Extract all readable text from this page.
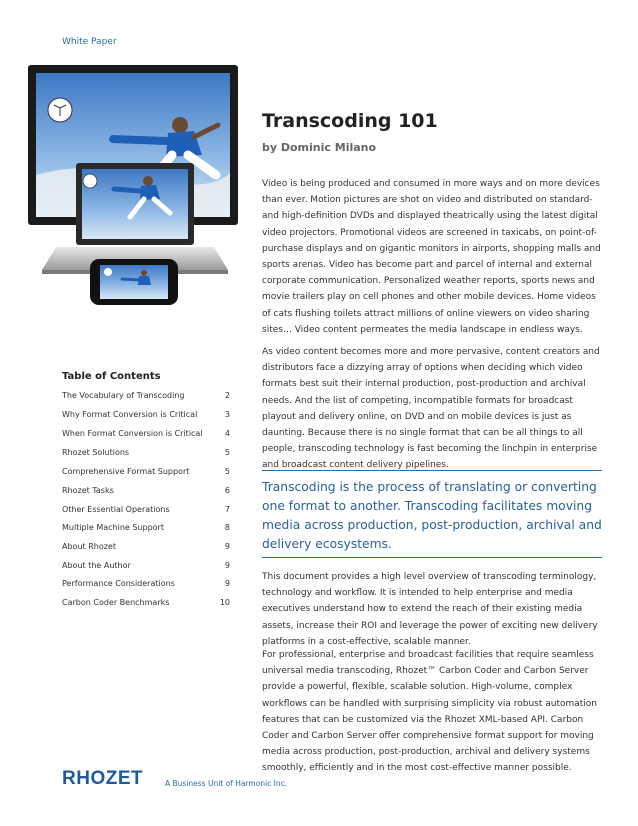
White Paper
Transcoding 101
by Dominic Milano

Video is being produced and consumed in more ways and on more devices than ever. Motion pictures are shot on video and distributed on standard- and high-definition DVDs and displayed theatrically using the latest digital video projectors. Promotional videos are screened in taxicabs, on point-of-purchase displays and on gigantic monitors in airports, shopping malls and sports arenas. Video has become part and parcel of internal and external corporate communication. Personalized weather reports, sports news and movie trailers play on cell phones and other mobile devices. Home videos of cats flushing toilets attract millions of online viewers on video sharing sites… Video content permeates the media landscape in endless ways.

As video content becomes more and more pervasive, content creators and distributors face a dizzying array of options when deciding which video formats best suit their internal production, post-production and archival needs. And the list of competing, incompatible formats for broadcast playout and delivery online, on DVD and on mobile devices is just as daunting. Because there is no single format that can be all things to all people, transcoding technology is fast becoming the linchpin in enterprise and broadcast content delivery pipelines.

Transcoding is the process of translating or converting one format to another. Transcoding facilitates moving media across production, post-production, archival and delivery ecosystems.

This document provides a high level overview of transcoding terminology, technology and workflow. It is intended to help enterprise and media executives understand how to extend the reach of their existing media assets, increase their ROI and leverage the power of exciting new delivery platforms in a cost-effective, scalable manner.

For professional, enterprise and broadcast facilities that require seamless universal media transcoding, Rhozet™ Carbon Coder and Carbon Server provide a powerful, flexible, scalable solution. High-volume, complex workflows can be handled with surprising simplicity via robust automation features that can be customized via the Rhozet XML-based API. Carbon Coder and Carbon Server offer comprehensive format support for moving media across production, post-production, archival and delivery systems smoothly, efficiently and in the most cost-effective manner possible.

Table of Contents
The Vocabulary of Transcoding	2
Why Format Conversion is Critical	3
When Format Conversion is Critical	4
Rhozet Solutions	5
Comprehensive Format Support	5
Rhozet Tasks	6
Other Essential Operations	7
Multiple Machine Support	8
About Rhozet	9
About the Author	9
Performance Considerations	9
Carbon Coder Benchmarks	10
RHOZET	A Business Unit of Harmonic Inc.
